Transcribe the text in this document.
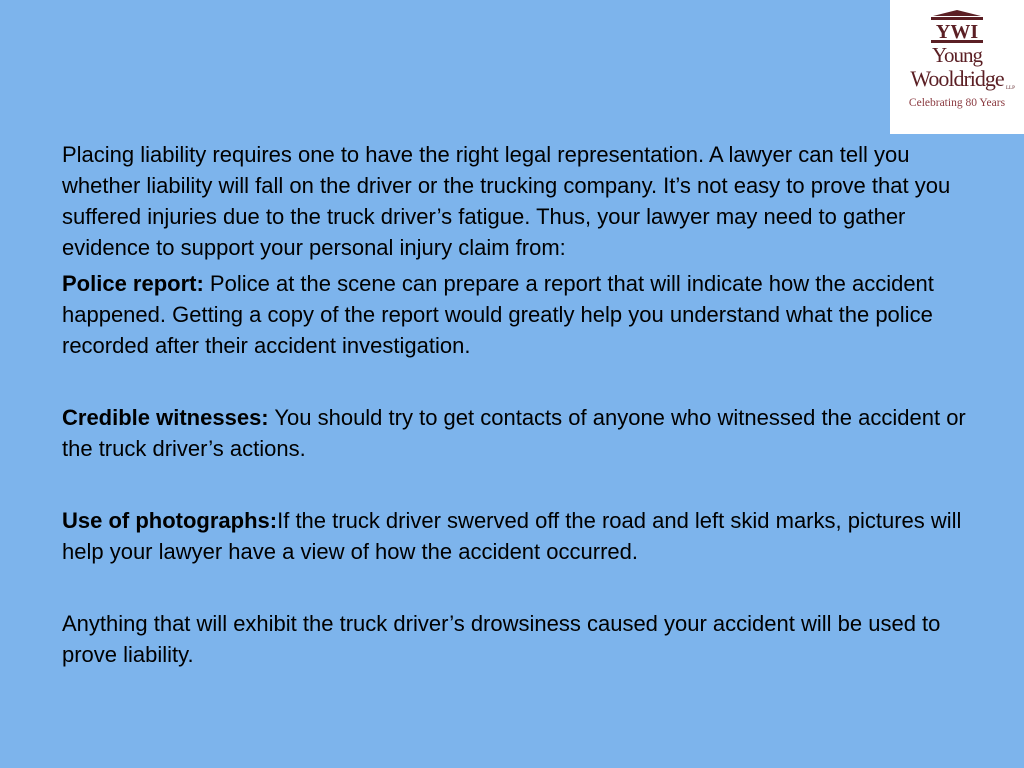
YWI
Young
Wooldridge LLP
Celebrating 80 Years

Placing liability requires one to have the right legal representation. A lawyer can tell you whether liability will fall on the driver or the trucking company. It’s not easy to prove that you suffered injuries due to the truck driver’s fatigue. Thus, your lawyer may need to gather evidence to support your personal injury claim from:

Police report: Police at the scene can prepare a report that will indicate how the accident happened. Getting a copy of the report would greatly help you understand what the police recorded after their accident investigation.

Credible witnesses: You should try to get contacts of anyone who witnessed the accident or the truck driver’s actions.

Use of photographs:If the truck driver swerved off the road and left skid marks, pictures will help your lawyer have a view of how the accident occurred.

Anything that will exhibit the truck driver’s drowsiness caused your accident will be used to prove liability.
